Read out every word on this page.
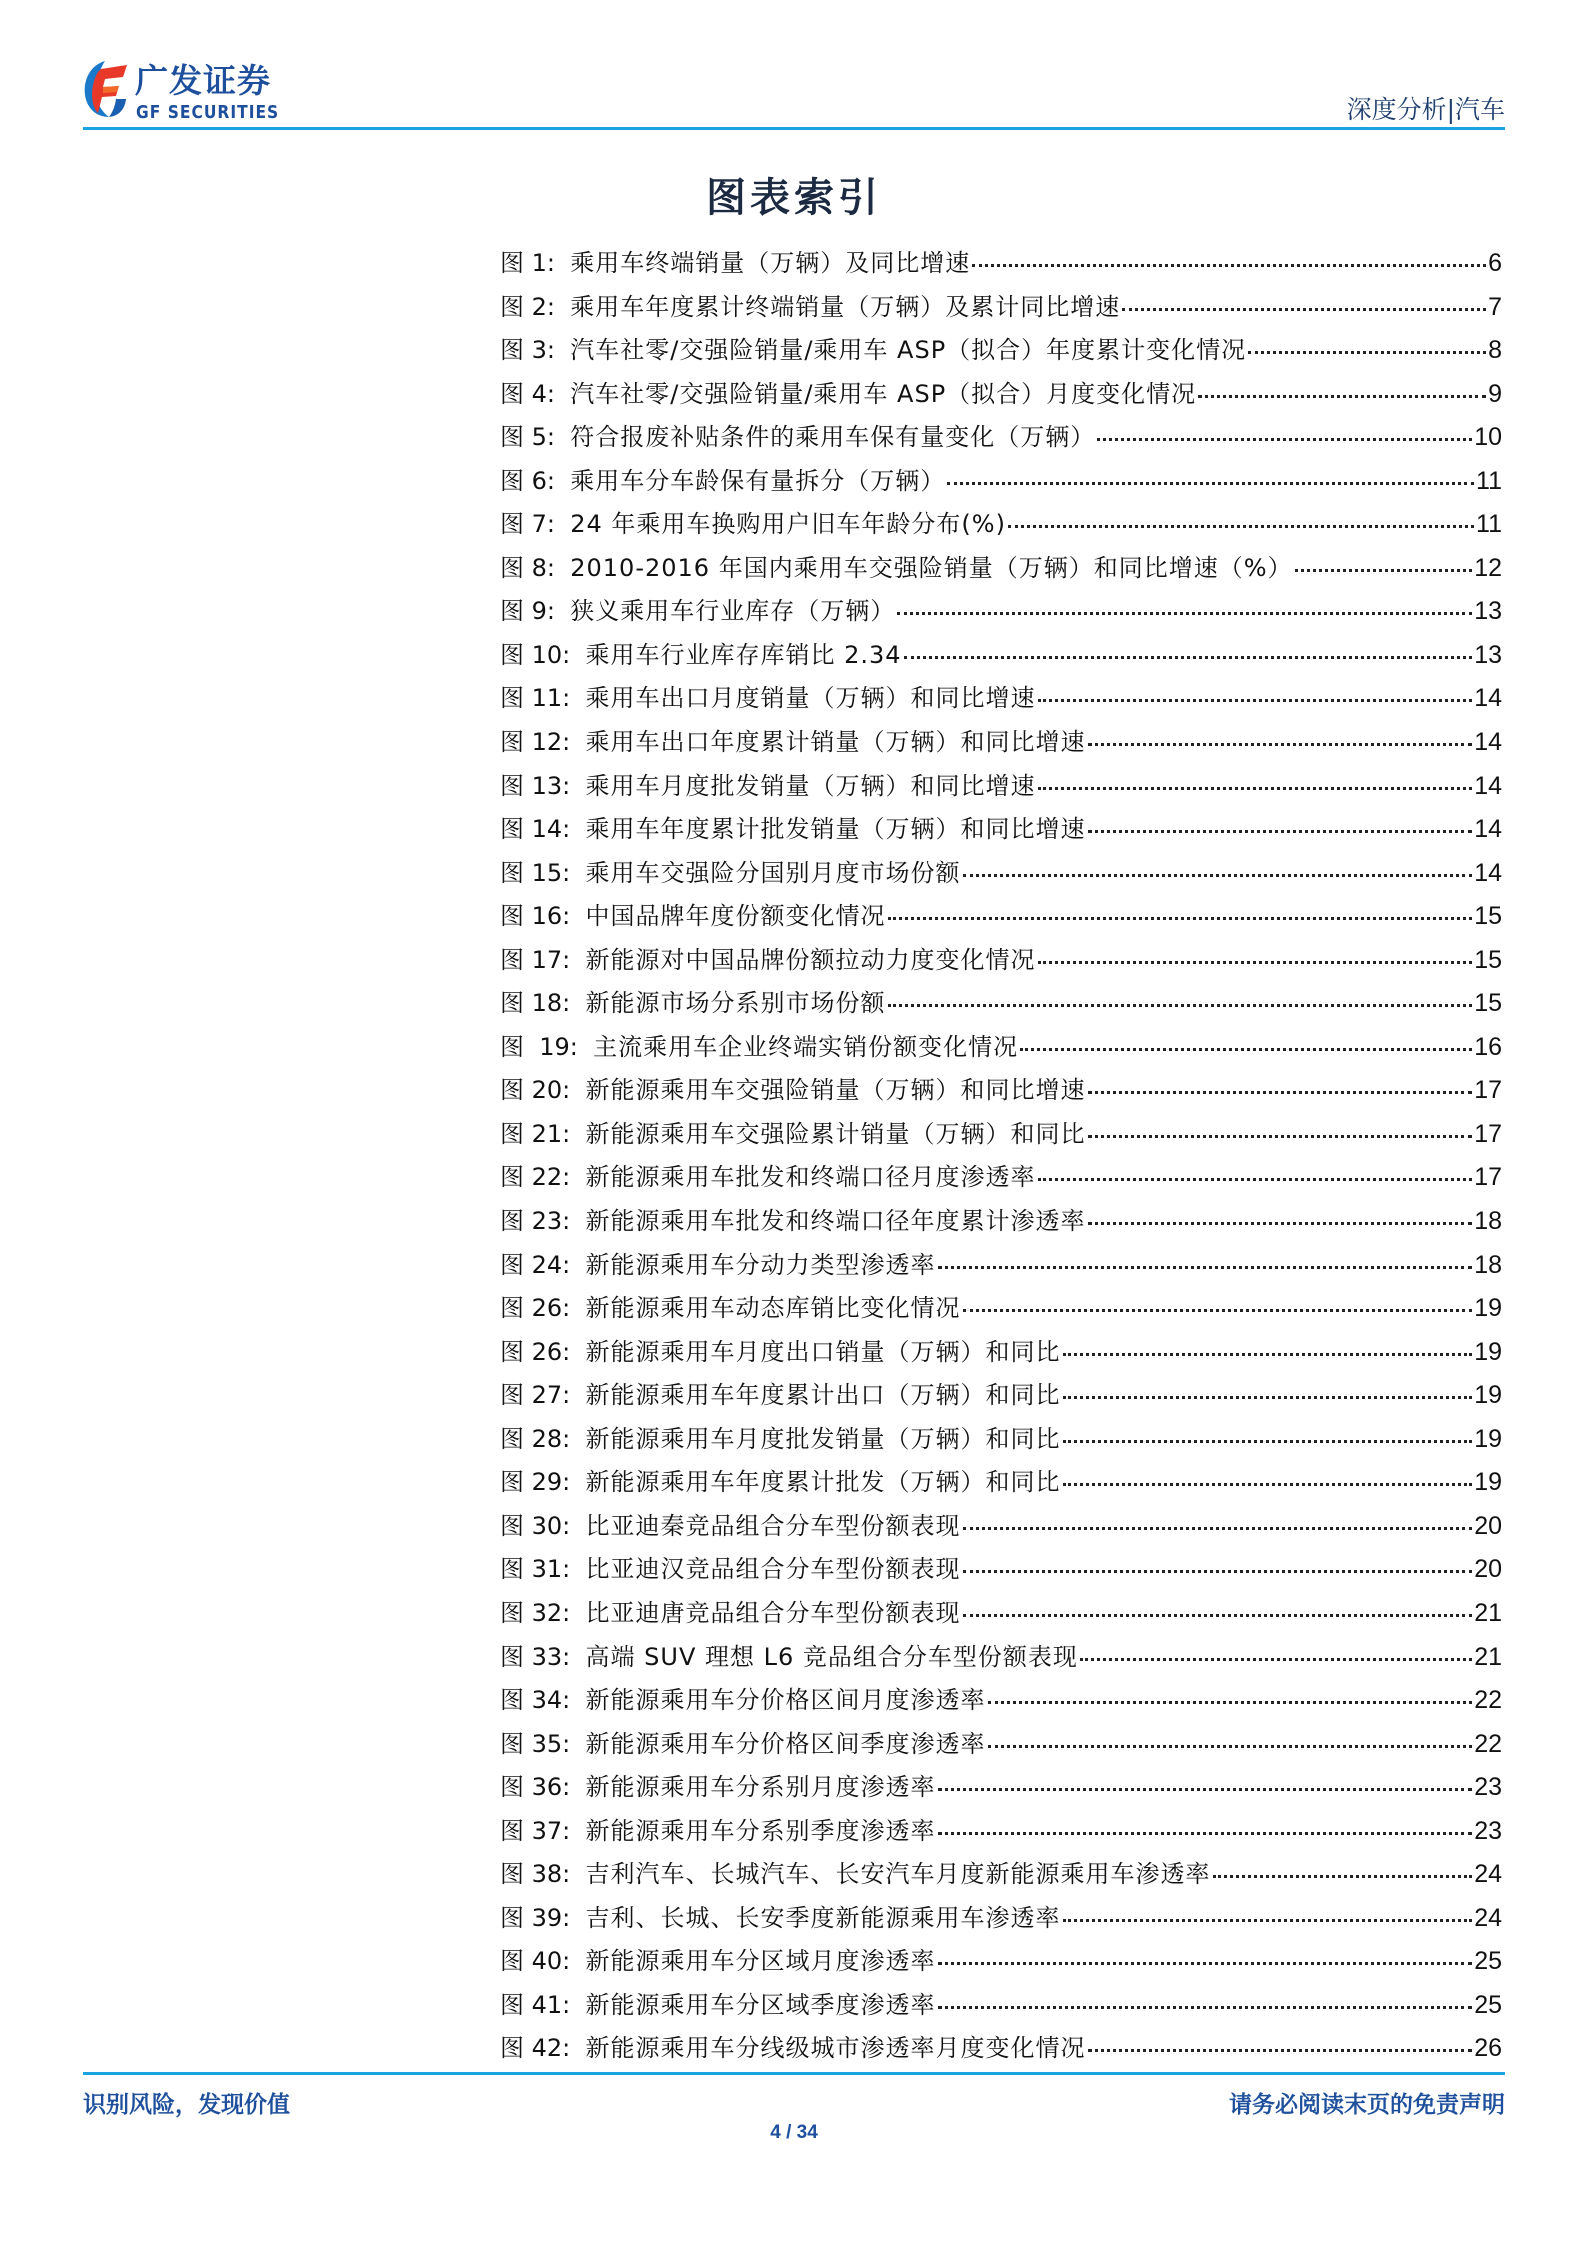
广发证券
GF SECURITIES	深度分析|汽车
图表索引
图 1: 乘用车终端销量（万辆）及同比增速	6
图 2: 乘用车年度累计终端销量（万辆）及累计同比增速	7
图 3: 汽车社零/交强险销量/乘用车 ASP（拟合）年度累计变化情况	8
图 4: 汽车社零/交强险销量/乘用车 ASP（拟合）月度变化情况	9
图 5: 符合报废补贴条件的乘用车保有量变化（万辆）	10
图 6: 乘用车分车龄保有量拆分（万辆）	11
图 7: 24 年乘用车换购用户旧车年龄分布(%)	11
图 8: 2010-2016 年国内乘用车交强险销量（万辆）和同比增速（%）	12
图 9: 狭义乘用车行业库存（万辆）	13
图 10: 乘用车行业库存库销比 2.34	13
图 11: 乘用车出口月度销量（万辆）和同比增速	14
图 12: 乘用车出口年度累计销量（万辆）和同比增速	14
图 13: 乘用车月度批发销量（万辆）和同比增速	14
图 14: 乘用车年度累计批发销量（万辆）和同比增速	14
图 15: 乘用车交强险分国别月度市场份额	14
图 16: 中国品牌年度份额变化情况	15
图 17: 新能源对中国品牌份额拉动力度变化情况	15
图 18: 新能源市场分系别市场份额	15
图  19: 主流乘用车企业终端实销份额变化情况	16
图 20: 新能源乘用车交强险销量（万辆）和同比增速	17
图 21: 新能源乘用车交强险累计销量（万辆）和同比	17
图 22: 新能源乘用车批发和终端口径月度渗透率	17
图 23: 新能源乘用车批发和终端口径年度累计渗透率	18
图 24: 新能源乘用车分动力类型渗透率	18
图 26: 新能源乘用车动态库销比变化情况	19
图 26: 新能源乘用车月度出口销量（万辆）和同比	19
图 27: 新能源乘用车年度累计出口（万辆）和同比	19
图 28: 新能源乘用车月度批发销量（万辆）和同比	19
图 29: 新能源乘用车年度累计批发（万辆）和同比	19
图 30: 比亚迪秦竞品组合分车型份额表现	20
图 31: 比亚迪汉竞品组合分车型份额表现	20
图 32: 比亚迪唐竞品组合分车型份额表现	21
图 33: 高端 SUV 理想 L6 竞品组合分车型份额表现	21
图 34: 新能源乘用车分价格区间月度渗透率	22
图 35: 新能源乘用车分价格区间季度渗透率	22
图 36: 新能源乘用车分系别月度渗透率	23
图 37: 新能源乘用车分系别季度渗透率	23
图 38: 吉利汽车、长城汽车、长安汽车月度新能源乘用车渗透率	24
图 39: 吉利、长城、长安季度新能源乘用车渗透率	24
图 40: 新能源乘用车分区域月度渗透率	25
图 41: 新能源乘用车分区域季度渗透率	25
图 42: 新能源乘用车分线级城市渗透率月度变化情况	26
识别风险，发现价值	请务必阅读末页的免责声明
4 / 34
